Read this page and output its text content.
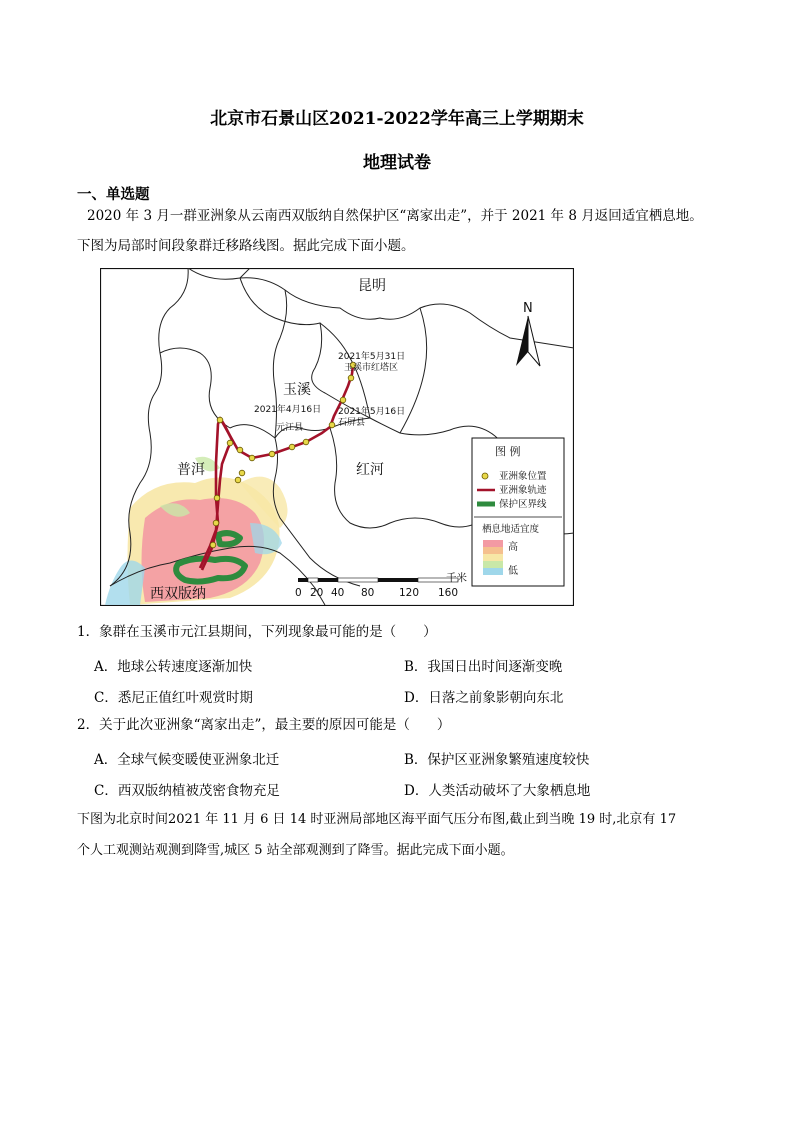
北京市石景山区2021-2022学年高三上学期期末
地理试卷
一、单选题
2020 年 3 月一群亚洲象从云南西双版纳自然保护区“离家出走”，并于 2021 年 8 月返回适宜栖息地。
下图为局部时间段象群迁移路线图。据此完成下面小题。
昆明
玉溪
普洱	红河
西双版纳
2021年5月31日
玉溪市红塔区
2021年4月16日
元江县
2021年5月16日
石屏县
N
图 例
亚洲象位置
亚洲象轨迹
保护区界线
栖息地适宜度
高
低
0 20 40 80 120 160
千米
1．象群在玉溪市元江县期间，下列现象最可能的是（　　）
A．地球公转速度逐渐加快	B．我国日出时间逐渐变晚
C．悉尼正值红叶观赏时期	D．日落之前象影朝向东北
2．关于此次亚洲象“离家出走”，最主要的原因可能是（　　）
A．全球气候变暖使亚洲象北迁	B．保护区亚洲象繁殖速度较快
C．西双版纳植被茂密食物充足	D．人类活动破坏了大象栖息地
下图为北京时间2021 年 11 月 6 日 14 时亚洲局部地区海平面气压分布图,截止到当晚 19 时,北京有 17
个人工观测站观测到降雪,城区 5 站全部观测到了降雪。据此完成下面小题。
